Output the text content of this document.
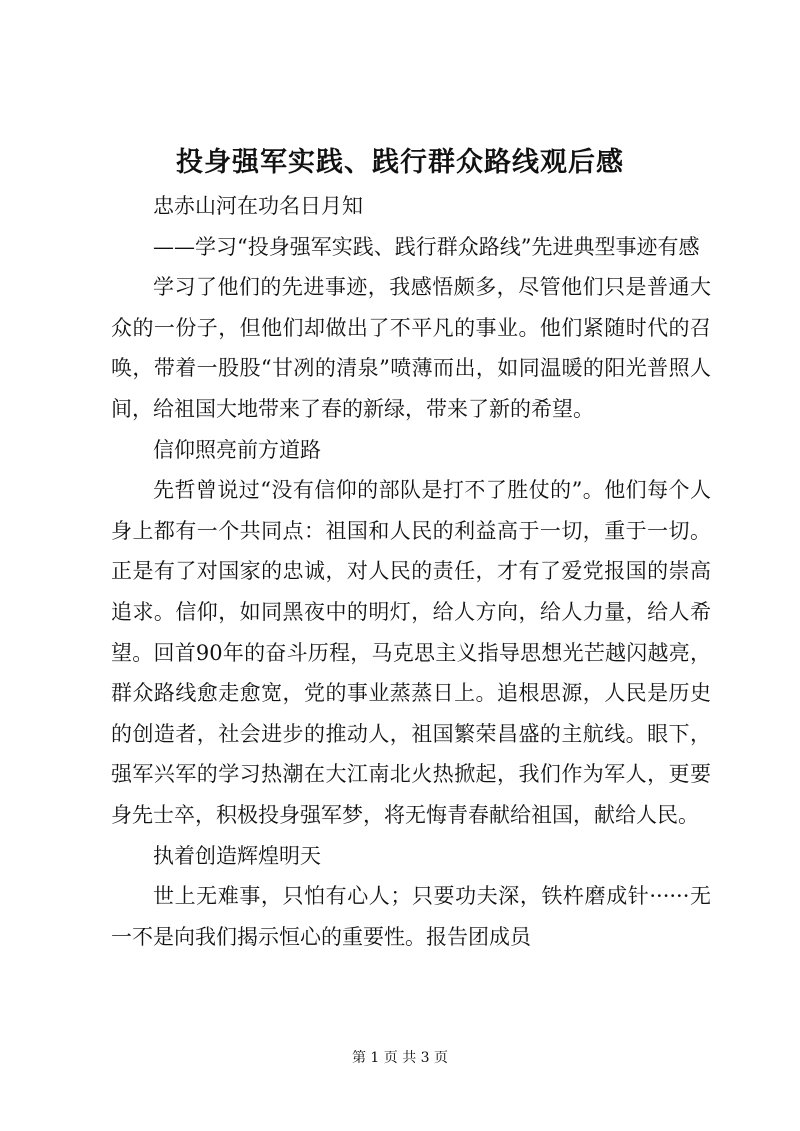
投身强军实践、践行群众路线观后感

忠赤山河在功名日月知

——学习“投身强军实践、践行群众路线”先进典型事迹有感

学习了他们的先进事迹，我感悟颇多，尽管他们只是普通大众的一份子，但他们却做出了不平凡的事业。他们紧随时代的召唤，带着一股股“甘冽的清泉”喷薄而出，如同温暖的阳光普照人间，给祖国大地带来了春的新绿，带来了新的希望。

信仰照亮前方道路

先哲曾说过“没有信仰的部队是打不了胜仗的”。他们每个人身上都有一个共同点：祖国和人民的利益高于一切，重于一切。正是有了对国家的忠诚，对人民的责任，才有了爱党报国的崇高追求。信仰，如同黑夜中的明灯，给人方向，给人力量，给人希望。回首90年的奋斗历程，马克思主义指导思想光芒越闪越亮，群众路线愈走愈宽，党的事业蒸蒸日上。追根思源，人民是历史的创造者，社会进步的推动人，祖国繁荣昌盛的主航线。眼下，强军兴军的学习热潮在大江南北火热掀起，我们作为军人，更要身先士卒，积极投身强军梦，将无悔青春献给祖国，献给人民。

执着创造辉煌明天

世上无难事，只怕有心人；只要功夫深，铁杵磨成针······无一不是向我们揭示恒心的重要性。报告团成员

第 1 页 共 3 页
